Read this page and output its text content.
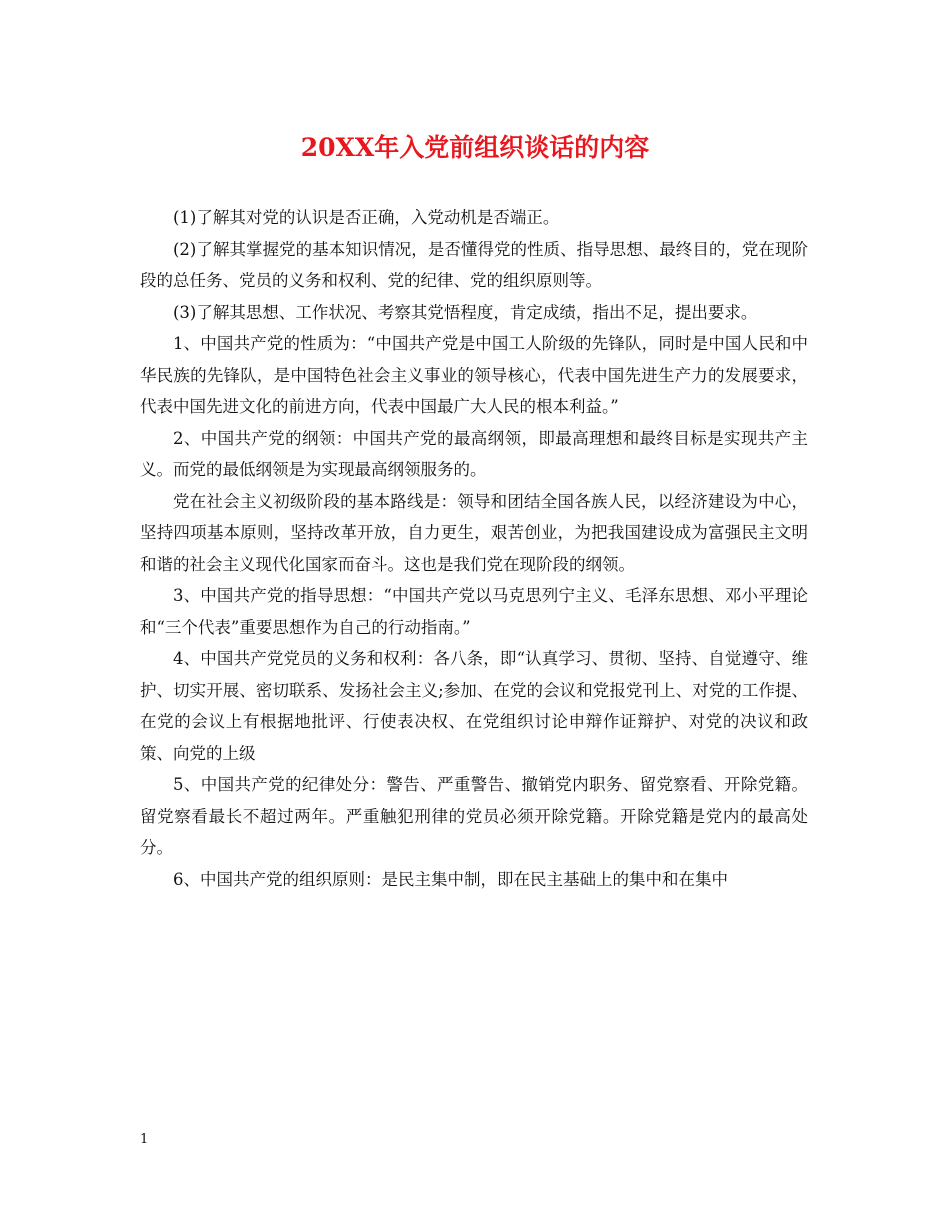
20XX年入党前组织谈话的内容

(1)了解其对党的认识是否正确，入党动机是否端正。

(2)了解其掌握党的基本知识情况，是否懂得党的性质、指导思想、最终目的，党在现阶段的总任务、党员的义务和权利、党的纪律、党的组织原则等。

(3)了解其思想、工作状况、考察其党悟程度，肯定成绩，指出不足，提出要求。

1、中国共产党的性质为：“中国共产党是中国工人阶级的先锋队，同时是中国人民和中华民族的先锋队，是中国特色社会主义事业的领导核心，代表中国先进生产力的发展要求，代表中国先进文化的前进方向，代表中国最广大人民的根本利益。”

2、中国共产党的纲领：中国共产党的最高纲领，即最高理想和最终目标是实现共产主义。而党的最低纲领是为实现最高纲领服务的。

党在社会主义初级阶段的基本路线是：领导和团结全国各族人民，以经济建设为中心，坚持四项基本原则，坚持改革开放，自力更生，艰苦创业，为把我国建设成为富强民主文明和谐的社会主义现代化国家而奋斗。这也是我们党在现阶段的纲领。

3、中国共产党的指导思想：“中国共产党以马克思列宁主义、毛泽东思想、邓小平理论和“三个代表”重要思想作为自己的行动指南。”

4、中国共产党党员的义务和权利：各八条，即“认真学习、贯彻、坚持、自觉遵守、维护、切实开展、密切联系、发扬社会主义;参加、在党的会议和党报党刊上、对党的工作提、在党的会议上有根据地批评、行使表决权、在党组织讨论申辩作证辩护、对党的决议和政策、向党的上级

5、中国共产党的纪律处分：警告、严重警告、撤销党内职务、留党察看、开除党籍。留党察看最长不超过两年。严重触犯刑律的党员必须开除党籍。开除党籍是党内的最高处分。

6、中国共产党的组织原则：是民主集中制，即在民主基础上的集中和在集中

1
